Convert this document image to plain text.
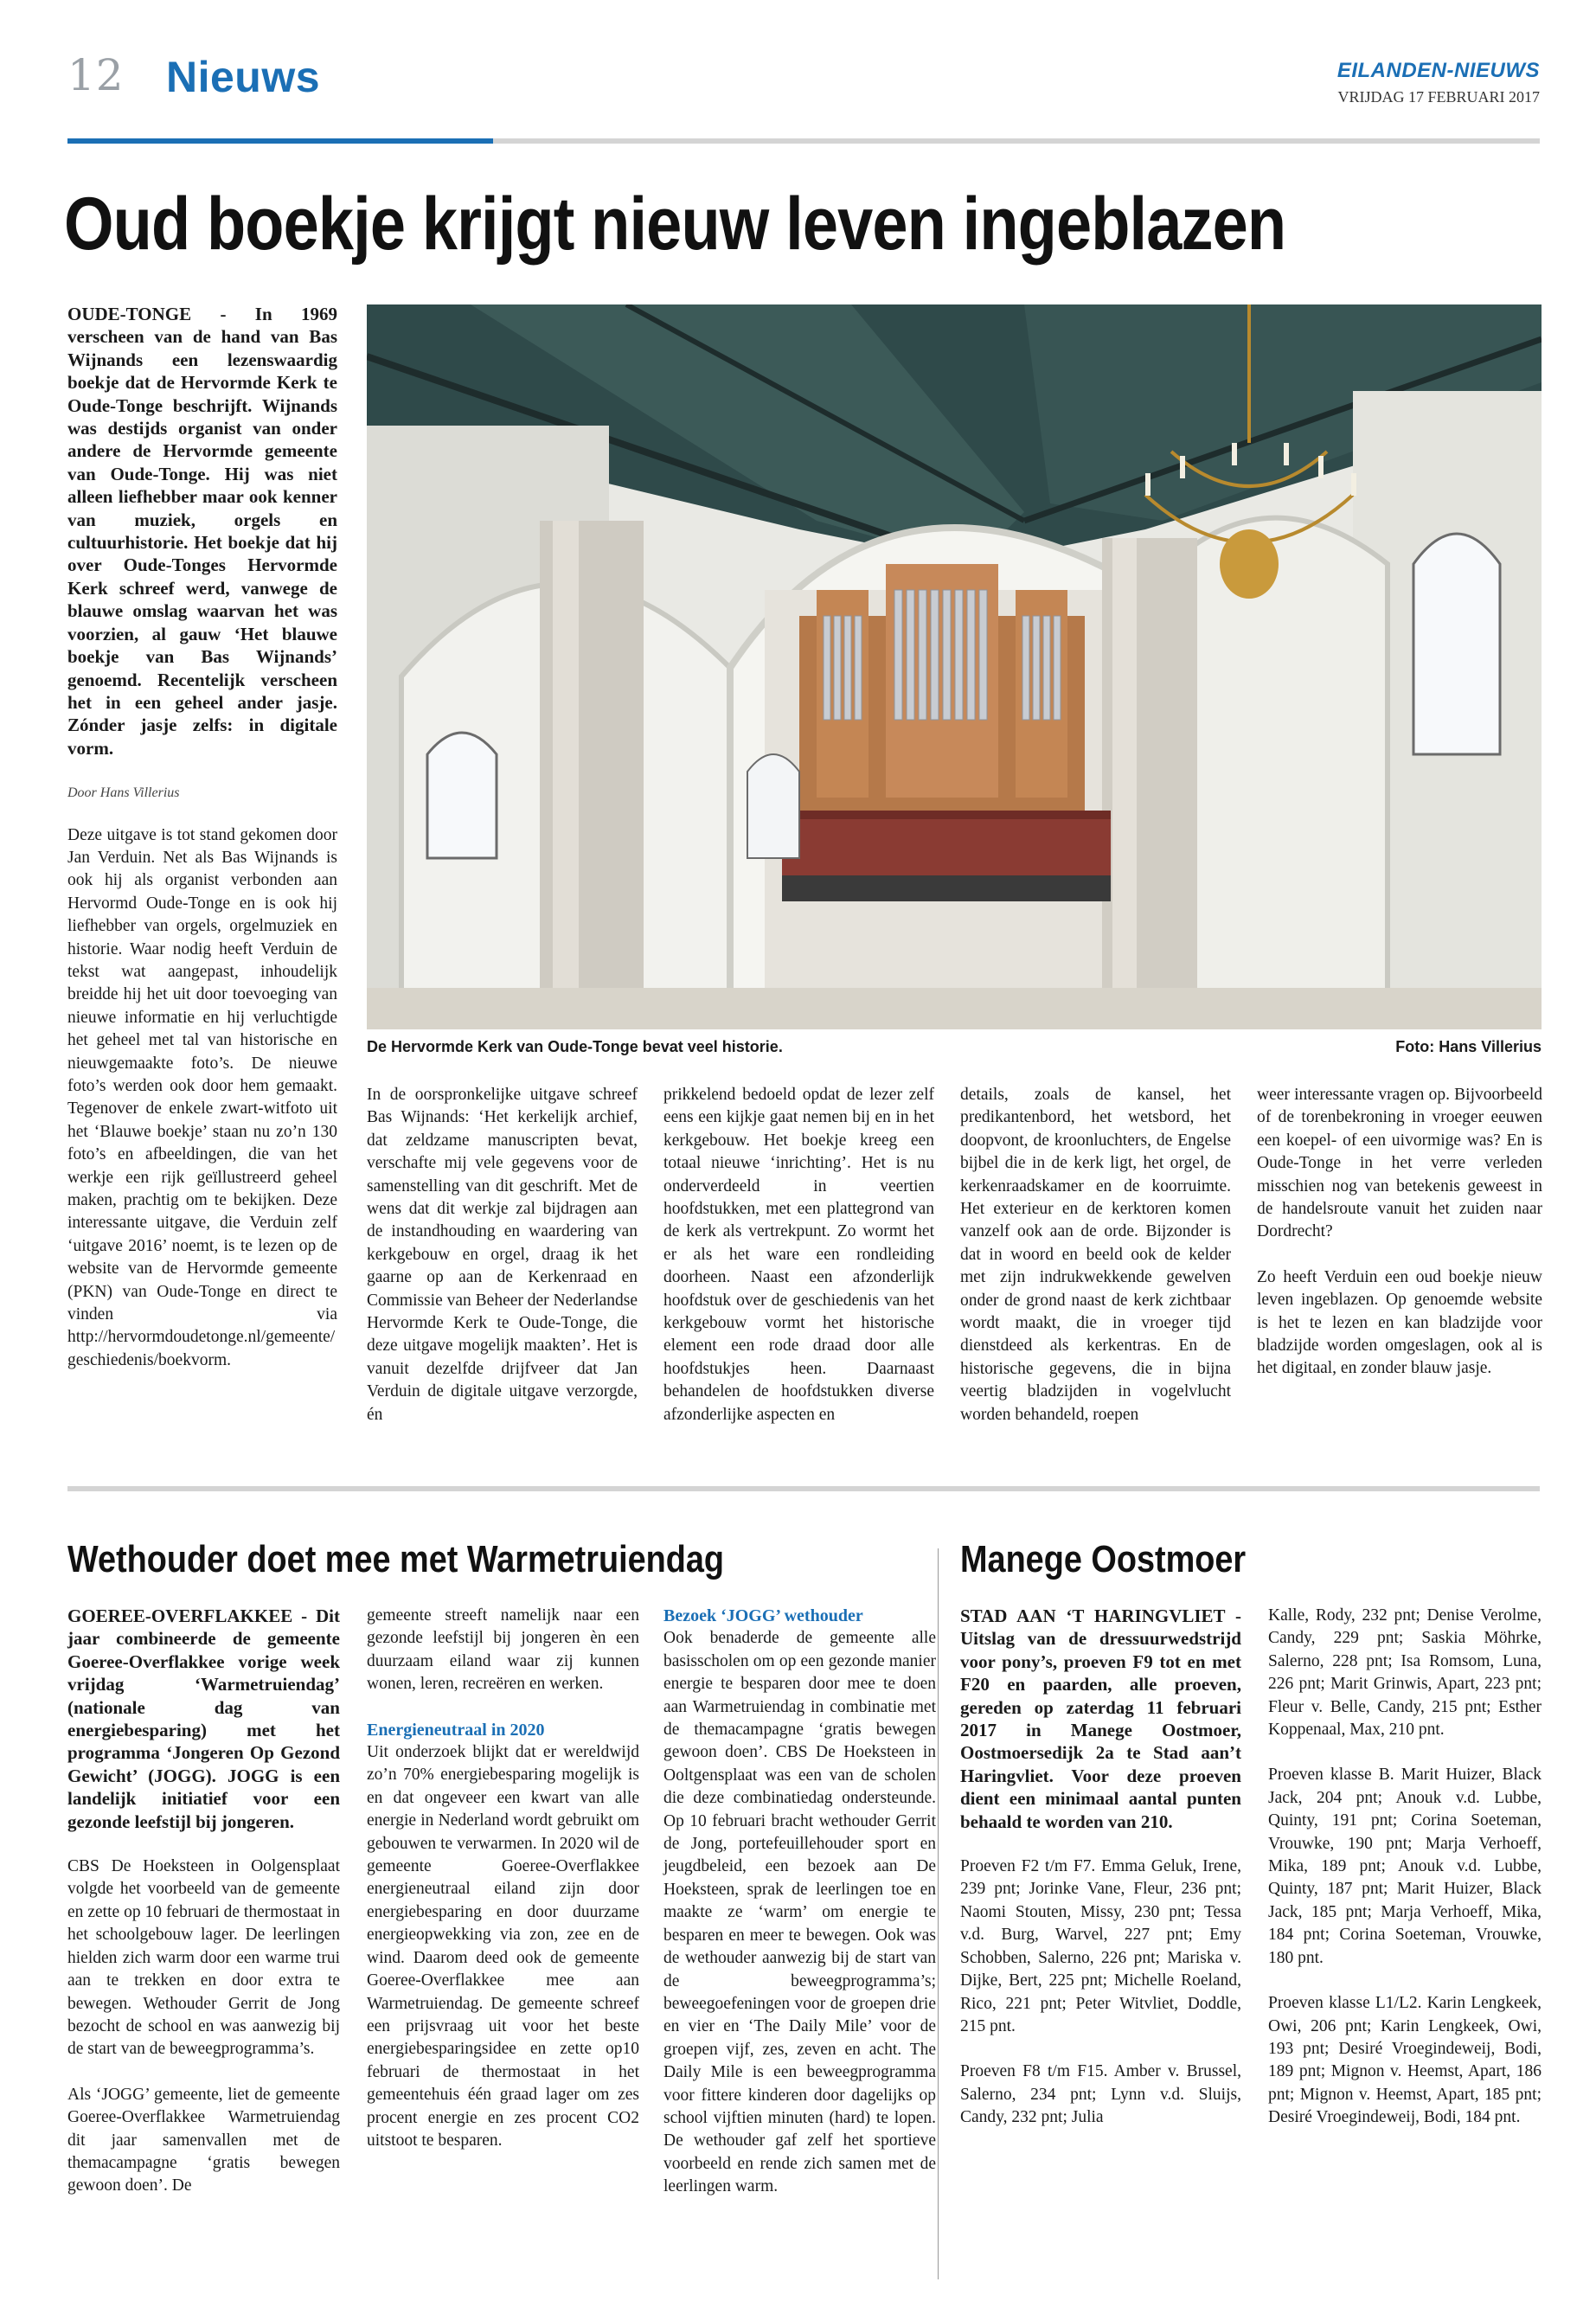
12 Nieuws	EILANDEN-NIEUWS
VRIJDAG 17 FEBRUARI 2017
Oud boekje krijgt nieuw leven ingeblazen

OUDE-TONGE - In 1969 verscheen van de hand van Bas Wijnands een lezenswaardig boekje dat de Hervormde Kerk te Oude-Tonge beschrijft. Wijnands was destijds organist van onder andere de Hervormde gemeente van Oude-Tonge. Hij was niet alleen liefhebber maar ook kenner van muziek, orgels en cultuurhistorie. Het boekje dat hij over Oude-Tonges Hervormde Kerk schreef werd, vanwege de blauwe omslag waarvan het was voorzien, al gauw ‘Het blauwe boekje van Bas Wijnands’ genoemd. Recentelijk verscheen het in een geheel ander jasje. Zónder jasje zelfs: in digitale vorm.

Door Hans Villerius

Deze uitgave is tot stand gekomen door Jan Verduin. Net als Bas Wijnands is ook hij als organist verbonden aan Hervormd Oude-Tonge en is ook hij liefhebber van orgels, orgelmuziek en historie. Waar nodig heeft Verduin de tekst wat aangepast, inhoudelijk breidde hij het uit door toevoeging van nieuwe informatie en hij verluchtigde het geheel met tal van historische en nieuwgemaakte foto’s. De nieuwe foto’s werden ook door hem gemaakt. Tegenover de enkele zwart-witfoto uit het ‘Blauwe boekje’ staan nu zo’n 130 foto’s en afbeeldingen, die van het werkje een rijk geïllustreerd geheel maken, prachtig om te bekijken. Deze interessante uitgave, die Verduin zelf ‘uitgave 2016’ noemt, is te lezen op de website van de Hervormde gemeente (PKN) van Oude-Tonge en direct te vinden via http://hervormdoudetonge.nl/gemeente/geschiedenis/boekvorm.

De Hervormde Kerk van Oude-Tonge bevat veel historie.	Foto: Hans Villerius
In de oorspronkelijke uitgave schreef Bas Wijnands: ‘Het kerkelijk archief, dat zeldzame manuscripten bevat, verschafte mij vele gegevens voor de samenstelling van dit geschrift. Met de wens dat dit werkje zal bijdragen aan de instandhouding en waardering van kerkgebouw en orgel, draag ik het gaarne op aan de Kerkenraad en Commissie van Beheer der Nederlandse Hervormde Kerk te Oude-Tonge, die deze uitgave mogelijk maakten’. Het is vanuit dezelfde drijfveer dat Jan Verduin de digitale uitgave verzorgde, én
prikkelend bedoeld opdat de lezer zelf eens een kijkje gaat nemen bij en in het kerkgebouw. Het boekje kreeg een totaal nieuwe ‘inrichting’. Het is nu onderverdeeld in veertien hoofdstukken, met een plattegrond van de kerk als vertrekpunt. Zo wormt het er als het ware een rondleiding doorheen. Naast een afzonderlijk hoofdstuk over de geschiedenis van het kerkgebouw vormt het historische element een rode draad door alle hoofdstukjes heen. Daarnaast behandelen de hoofdstukken diverse afzonderlijke aspecten en
details, zoals de kansel, het predikantenbord, het wetsbord, het doopvont, de kroonluchters, de Engelse bijbel die in de kerk ligt, het orgel, de kerkenraadskamer en de koorruimte. Het exterieur en de kerktoren komen vanzelf ook aan de orde. Bijzonder is dat in woord en beeld ook de kelder met zijn indrukwekkende gewelven onder de grond naast de kerk zichtbaar wordt maakt, die in vroeger tijd dienstdeed als kerkentras. En de historische gegevens, die in bijna veertig bladzijden in vogelvlucht worden behandeld, roepen

weer interessante vragen op. Bijvoorbeeld of de torenbekroning in vroeger eeuwen een koepel- of een uivormige was? En is Oude-Tonge in het verre verleden misschien nog van betekenis geweest in de handelsroute vanuit het zuiden naar Dordrecht?

Zo heeft Verduin een oud boekje nieuw leven ingeblazen. Op genoemde website is het te lezen en kan bladzijde voor bladzijde worden omgeslagen, ook al is het digitaal, en zonder blauw jasje.

Wethouder doet mee met Warmetruiendag

GOEREE-OVERFLAKKEE - Dit jaar combineerde de gemeente Goeree-Overflakkee vorige week vrijdag ‘Warmetruiendag’ (nationale dag van energiebesparing) met het programma ‘Jongeren Op Gezond Gewicht’ (JOGG). JOGG is een landelijk initiatief voor een gezonde leefstijl bij jongeren.

CBS De Hoeksteen in Oolgensplaat volgde het voorbeeld van de gemeente en zette op 10 februari de thermostaat in het schoolgebouw lager. De leerlingen hielden zich warm door een warme trui aan te trekken en door extra te bewegen. Wethouder Gerrit de Jong bezocht de school en was aanwezig bij de start van de beweegprogramma’s.

Als ‘JOGG’ gemeente, liet de gemeente Goeree-Overflakkee Warmetruiendag dit jaar samenvallen met de themacampagne ‘gratis bewegen gewoon doen’. De

gemeente streeft namelijk naar een gezonde leefstijl bij jongeren èn een duurzaam eiland waar zij kunnen wonen, leren, recreëren en werken.

Energieneutraal in 2020

Uit onderzoek blijkt dat er wereldwijd zo’n 70% energiebesparing mogelijk is en dat ongeveer een kwart van alle energie in Nederland wordt gebruikt om gebouwen te verwarmen. In 2020 wil de gemeente Goeree-Overflakkee energieneutraal eiland zijn door energiebesparing en door duurzame energieopwekking via zon, zee en de wind. Daarom deed ook de gemeente Goeree-Overflakkee mee aan Warmetruiendag. De gemeente schreef een prijsvraag uit voor het beste energiebesparingsidee en zette op10 februari de thermostaat in het gemeentehuis één graad lager om zes procent energie en zes procent CO2 uitstoot te besparen.

Bezoek ‘JOGG’ wethouder

Ook benaderde de gemeente alle basisscholen om op een gezonde manier energie te besparen door mee te doen aan Warmetruiendag in combinatie met de themacampagne ‘gratis bewegen gewoon doen’. CBS De Hoeksteen in Ooltgensplaat was een van de scholen die deze combinatiedag ondersteunde. Op 10 februari bracht wethouder Gerrit de Jong, portefeuillehouder sport en jeugdbeleid, een bezoek aan De Hoeksteen, sprak de leerlingen toe en maakte ze ‘warm’ om energie te besparen en meer te bewegen. Ook was de wethouder aanwezig bij de start van de beweegprogramma’s; beweegoefeningen voor de groepen drie en vier en ‘The Daily Mile’ voor de groepen vijf, zes, zeven en acht. The Daily Mile is een beweegprogramma voor fittere kinderen door dagelijks op school vijftien minuten (hard) te lopen. De wethouder gaf zelf het sportieve voorbeeld en rende zich samen met de leerlingen warm.

Manege Oostmoer

STAD AAN ‘T HARINGVLIET - Uitslag van de dressuurwedstrijd voor pony’s, proeven F9 tot en met F20 en paarden, alle proeven, gereden op zaterdag 11 februari 2017 in Manege Oostmoer, Oostmoersedijk 2a te Stad aan’t Haringvliet. Voor deze proeven dient een minimaal aantal punten behaald te worden van 210.

Proeven F2 t/m F7. Emma Geluk, Irene, 239 pnt; Jorinke Vane, Fleur, 236 pnt; Naomi Stouten, Missy, 230 pnt; Tessa v.d. Burg, Warvel, 227 pnt; Emy Schobben, Salerno, 226 pnt; Mariska v. Dijke, Bert, 225 pnt; Michelle Roeland, Rico, 221 pnt; Peter Witvliet, Doddle, 215 pnt.

Proeven F8 t/m F15. Amber v. Brussel, Salerno, 234 pnt; Lynn v.d. Sluijs, Candy, 232 pnt; Julia

Kalle, Rody, 232 pnt; Denise Verolme, Candy, 229 pnt; Saskia Möhrke, Salerno, 228 pnt; Isa Romsom, Luna, 226 pnt; Marit Grinwis, Apart, 223 pnt; Fleur v. Belle, Candy, 215 pnt; Esther Koppenaal, Max, 210 pnt.

Proeven klasse B. Marit Huizer, Black Jack, 204 pnt; Anouk v.d. Lubbe, Quinty, 191 pnt; Corina Soeteman, Vrouwke, 190 pnt; Marja Verhoeff, Mika, 189 pnt; Anouk v.d. Lubbe, Quinty, 187 pnt; Marit Huizer, Black Jack, 185 pnt; Marja Verhoeff, Mika, 184 pnt; Corina Soeteman, Vrouwke, 180 pnt.

Proeven klasse L1/L2. Karin Lengkeek, Owi, 206 pnt; Karin Lengkeek, Owi, 193 pnt; Desiré Vroegindeweij, Bodi, 189 pnt; Mignon v. Heemst, Apart, 186 pnt; Mignon v. Heemst, Apart, 185 pnt; Desiré Vroegindeweij, Bodi, 184 pnt.
